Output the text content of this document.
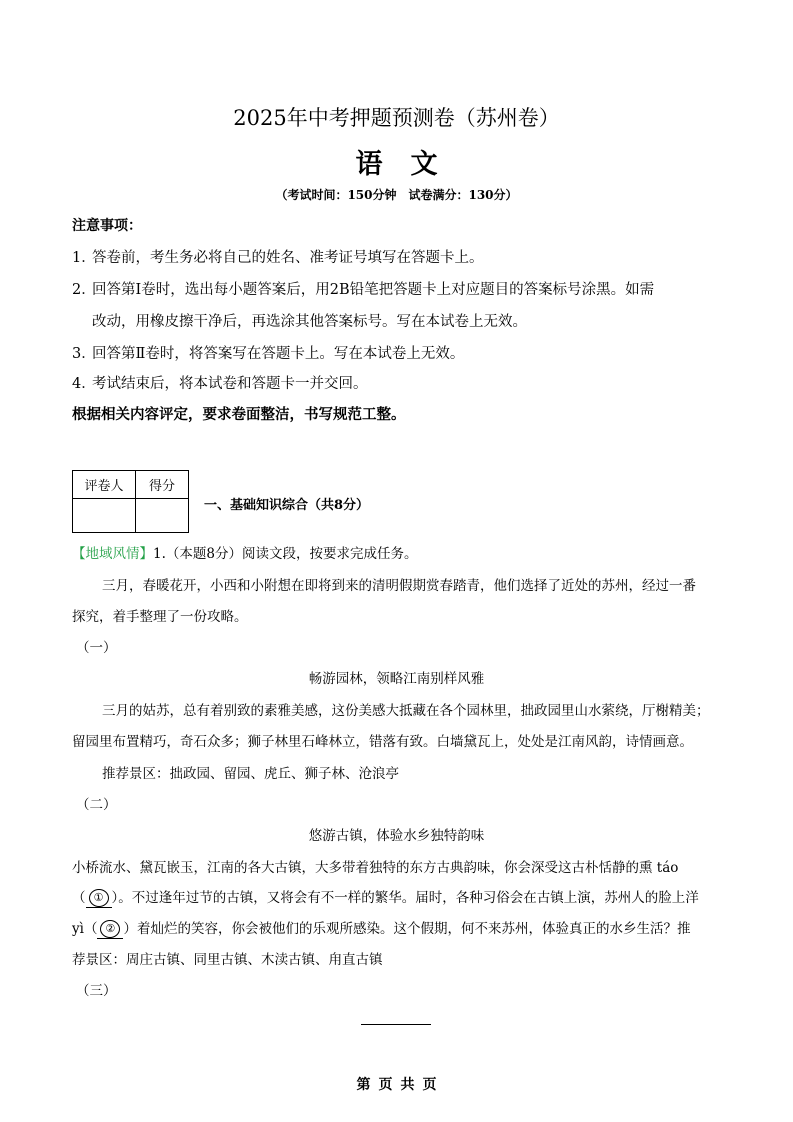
2025年中考押题预测卷（苏州卷）
语文
（考试时间：150分钟　试卷满分：130分）
注意事项：
1．答卷前，考生务必将自己的姓名、准考证号填写在答题卡上。
2．回答第Ⅰ卷时，选出每小题答案后，用2B铅笔把答题卡上对应题目的答案标号涂黑。如需
改动，用橡皮擦干净后，再选涂其他答案标号。写在本试卷上无效。
3．回答第Ⅱ卷时，将答案写在答题卡上。写在本试卷上无效。
4．考试结束后，将本试卷和答题卡一并交回。
根据相关内容评定，要求卷面整洁，书写规范工整。
评卷人	得分

一、基础知识综合（共8分）
【地域风情】1.（本题8分）阅读文段，按要求完成任务。
三月，春暖花开，小西和小附想在即将到来的清明假期赏春踏青，他们选择了近处的苏州，经过一番
探究，着手整理了一份攻略。
（一）
畅游园林，领略江南别样风雅
三月的姑苏，总有着别致的素雅美感，这份美感大抵藏在各个园林里，拙政园里山水萦绕，厅榭精美；
留园里布置精巧，奇石众多；狮子林里石峰林立，错落有致。白墙黛瓦上，处处是江南风韵，诗情画意。
推荐景区：拙政园、留园、虎丘、狮子林、沧浪亭
（二）
悠游古镇，体验水乡独特韵味
小桥流水、黛瓦嵌玉，江南的各大古镇，大多带着独特的东方古典韵味，你会深受这古朴恬静的熏 táo
（ ① ）。不过逢年过节的古镇，又将会有不一样的繁华。届时，各种习俗会在古镇上演，苏州人的脸上洋
yì（ ② ）着灿烂的笑容，你会被他们的乐观所感染。这个假期，何不来苏州，体验真正的水乡生活？推
荐景区：周庄古镇、同里古镇、木渎古镇、甪直古镇
（三）
第 页 共 页
